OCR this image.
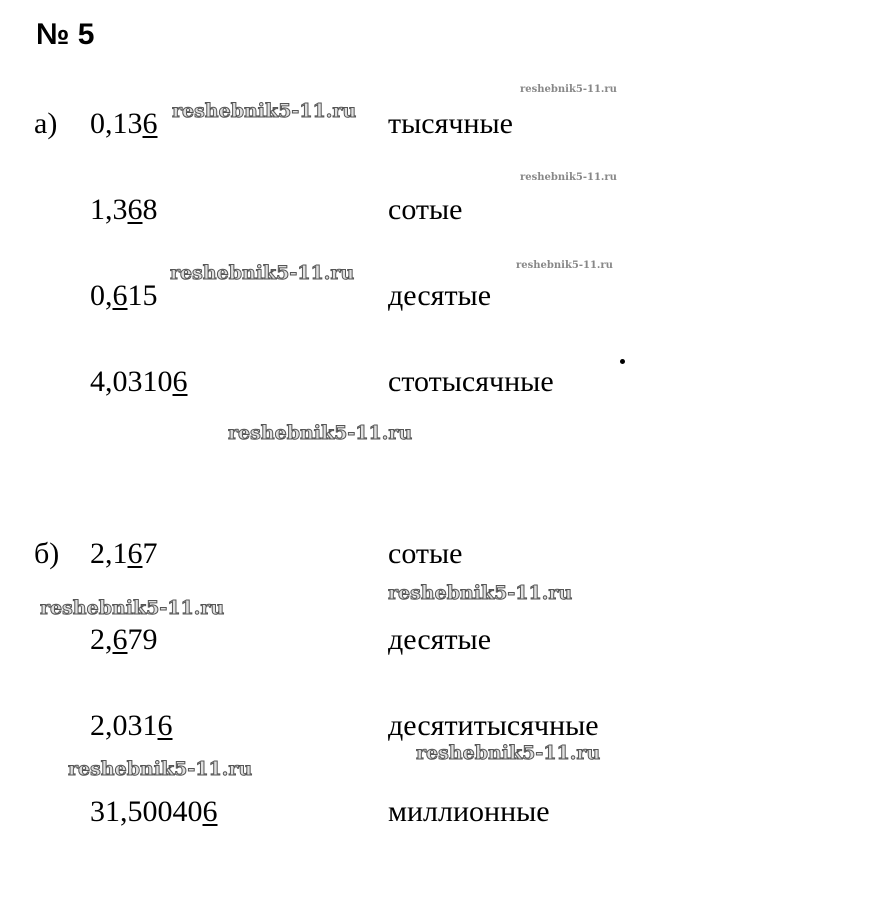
№ 5
а) 0,136	тысячные
1,368	сотые
0,615	десятые
4,03106	стотысячные
б) 2,167	сотые
2,679	десятые
2,0316	десятитысячные
31,500406	миллионные
reshebnik5-11.ru
reshebnik5-11.ru
reshebnik5-11.ru
reshebnik5-11.ru
reshebnik5-11.ru
reshebnik5-11.ru
reshebnik5-11.ru
reshebnik5-11.ru
reshebnik5-11.ru
reshebnik5-11.ru
